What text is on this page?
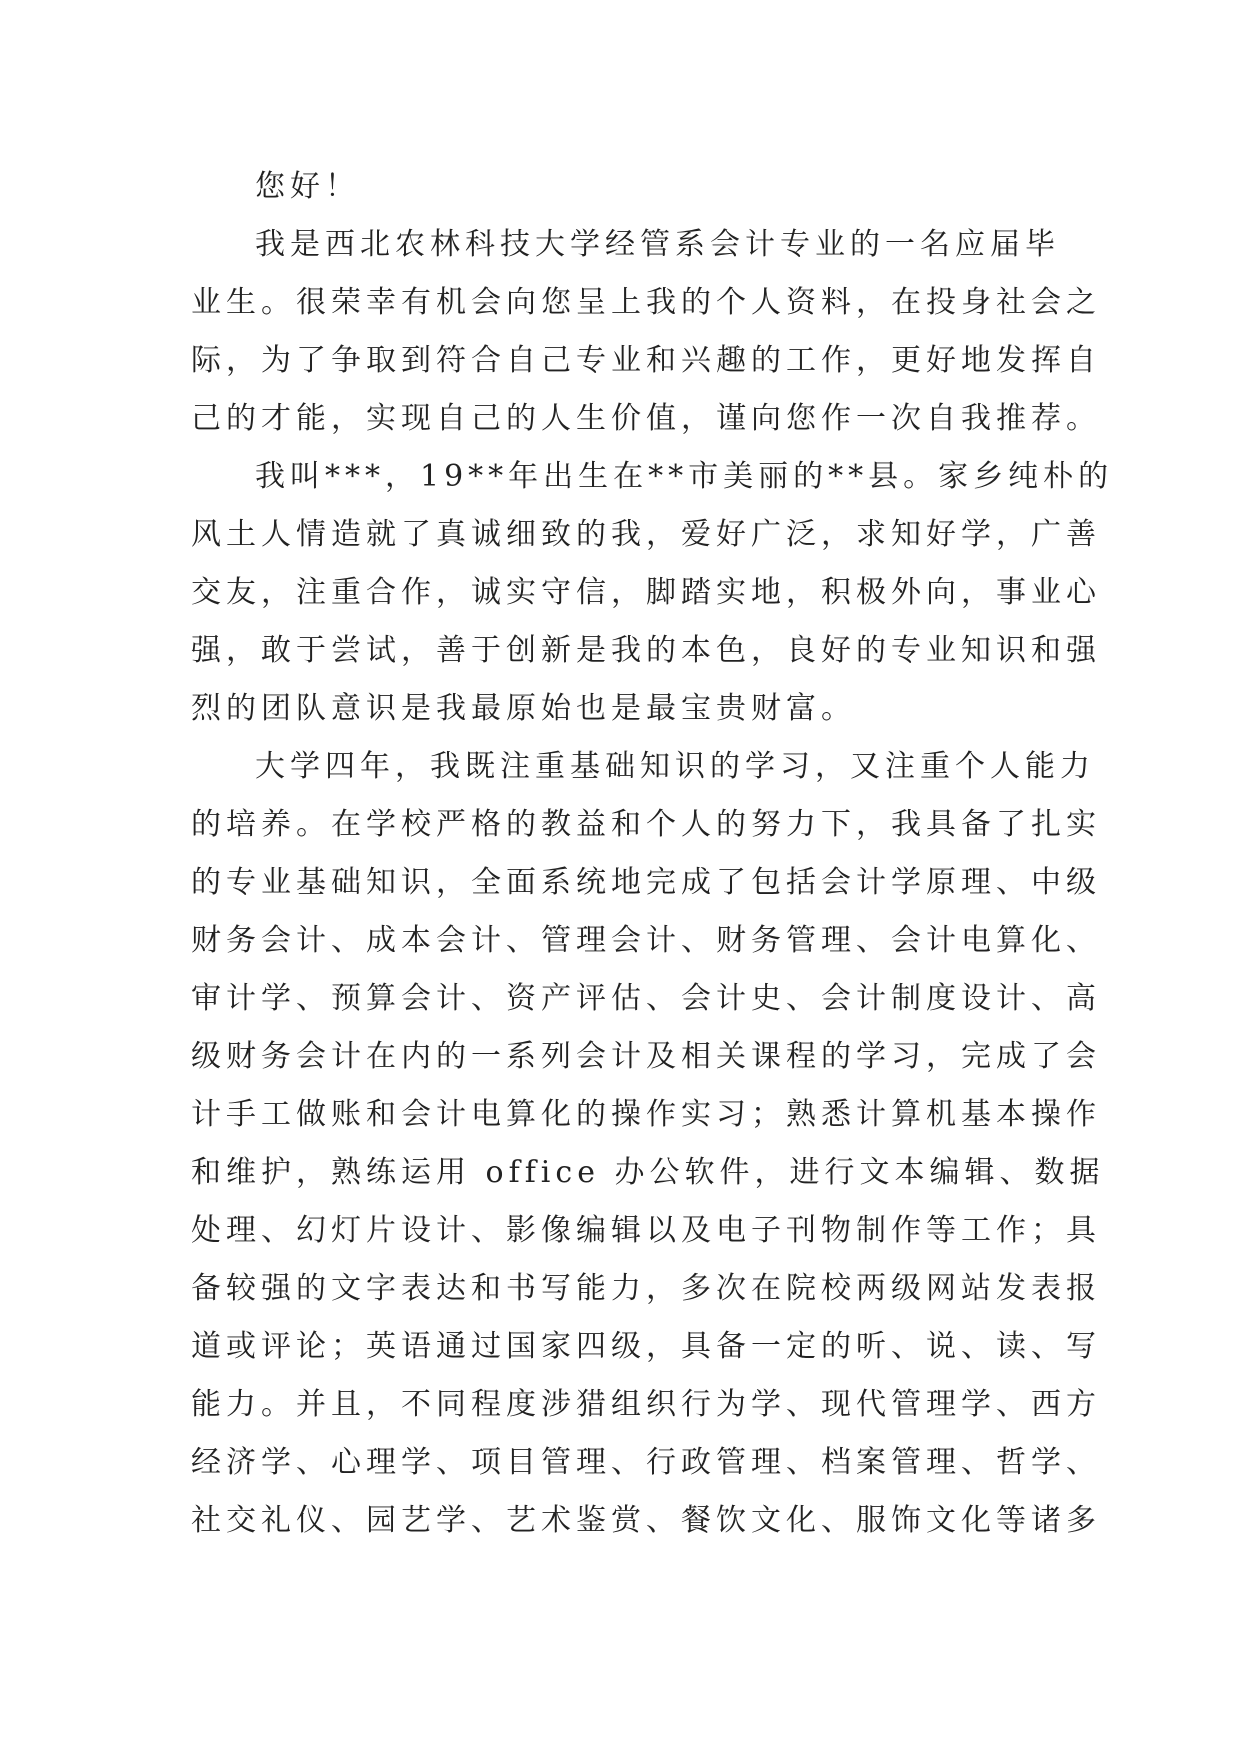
您好！
我是西北农林科技大学经管系会计专业的一名应届毕
业生。很荣幸有机会向您呈上我的个人资料，在投身社会之
际，为了争取到符合自己专业和兴趣的工作，更好地发挥自
己的才能，实现自己的人生价值，谨向您作一次自我推荐。
我叫***，19**年出生在**市美丽的**县。家乡纯朴的
风土人情造就了真诚细致的我，爱好广泛，求知好学，广善
交友，注重合作，诚实守信，脚踏实地，积极外向，事业心
强，敢于尝试，善于创新是我的本色，良好的专业知识和强
烈的团队意识是我最原始也是最宝贵财富。
大学四年，我既注重基础知识的学习，又注重个人能力
的培养。在学校严格的教益和个人的努力下，我具备了扎实
的专业基础知识，全面系统地完成了包括会计学原理、中级
财务会计、成本会计、管理会计、财务管理、会计电算化、
审计学、预算会计、资产评估、会计史、会计制度设计、高
级财务会计在内的一系列会计及相关课程的学习，完成了会
计手工做账和会计电算化的操作实习；熟悉计算机基本操作
和维护，熟练运用 office 办公软件，进行文本编辑、数据
处理、幻灯片设计、影像编辑以及电子刊物制作等工作；具
备较强的文字表达和书写能力，多次在院校两级网站发表报
道或评论；英语通过国家四级，具备一定的听、说、读、写
能力。并且，不同程度涉猎组织行为学、现代管理学、西方
经济学、心理学、项目管理、行政管理、档案管理、哲学、
社交礼仪、园艺学、艺术鉴赏、餐饮文化、服饰文化等诸多
